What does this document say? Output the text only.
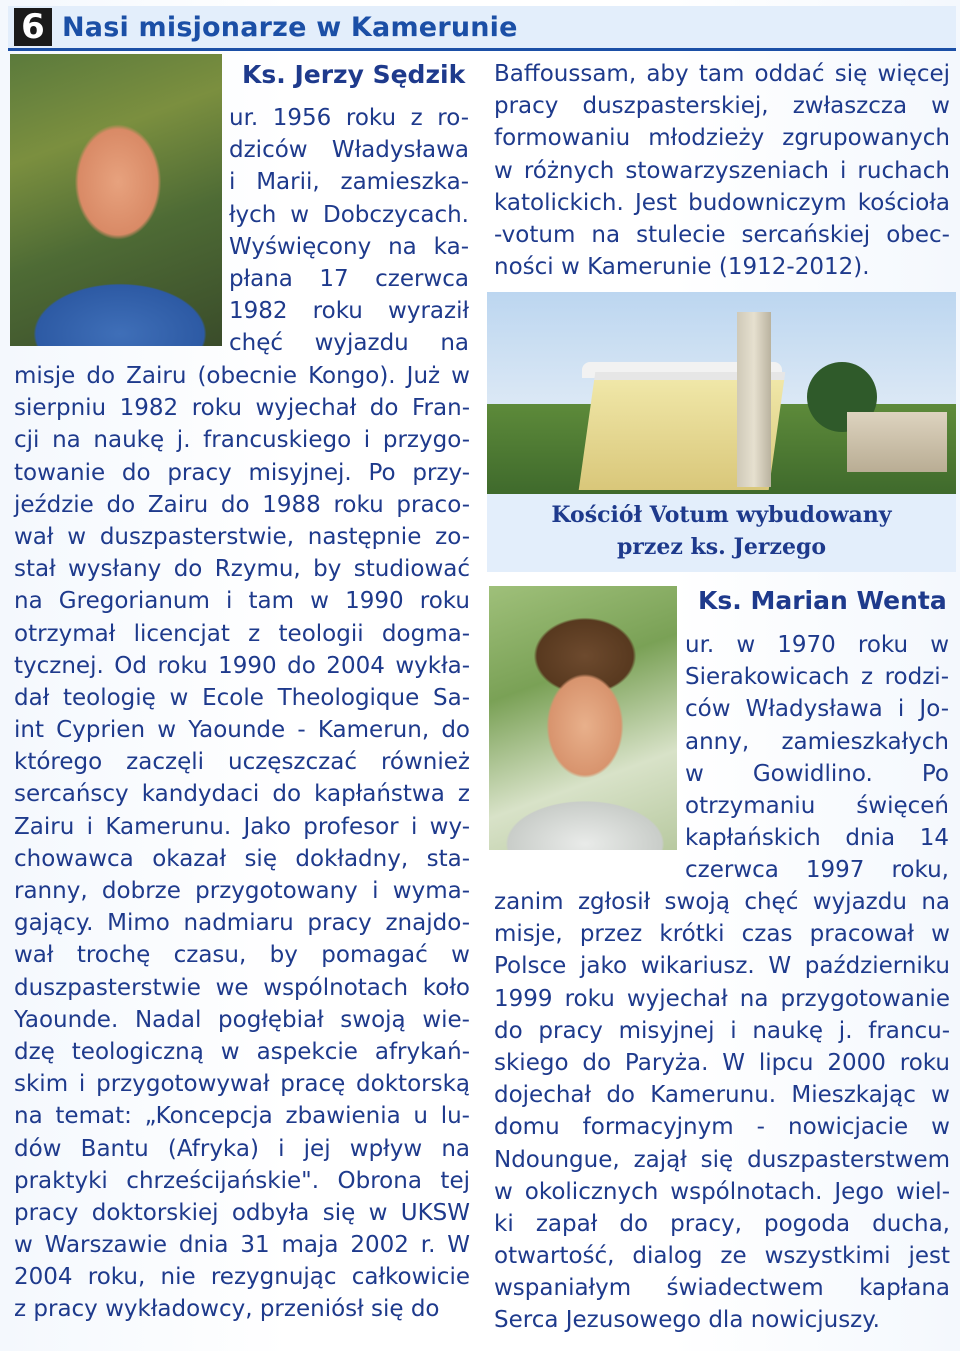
6 Nasi misjonarze w Kamerunie
Ks. Jerzy Sędzik
ur. 1956 roku z ro-
dziców Władysława
i Marii, zamieszka-
łych w Dobczycach.
Wyświęcony na ka-
płana 17 czerwca
1982 roku wyraził
chęć wyjazdu na
misje do Zairu (obecnie Kongo). Już w
sierpniu 1982 roku wyjechał do Fran-
cji na naukę j. francuskiego i przygo-
towanie do pracy misyjnej. Po przy-
jeździe do Zairu do 1988 roku praco-
wał w duszpasterstwie, następnie zo-
stał wysłany do Rzymu, by studiować
na Gregorianum i tam w 1990 roku
otrzymał licencjat z teologii dogma-
tycznej. Od roku 1990 do 2004 wykła-
dał teologię w Ecole Theologique Sa-
int Cyprien w Yaounde - Kamerun, do
którego zaczęli uczęszczać również
sercańscy kandydaci do kapłaństwa z
Zairu i Kamerunu. Jako profesor i wy-
chowawca okazał się dokładny, sta-
ranny, dobrze przygotowany i wyma-
gający. Mimo nadmiaru pracy znajdo-
wał trochę czasu, by pomagać w
duszpasterstwie we wspólnotach koło
Yaounde. Nadal pogłębiał swoją wie-
dzę teologiczną w aspekcie afrykań-
skim i przygotowywał pracę doktorską
na temat: „Koncepcja zbawienia u lu-
dów Bantu (Afryka) i jej wpływ na
praktyki chrześcijańskie". Obrona tej
pracy doktorskiej odbyła się w UKSW
w Warszawie dnia 31 maja 2002 r. W
2004 roku, nie rezygnując całkowicie
z pracy wykładowcy, przeniósł się do
Baffoussam, aby tam oddać się więcej
pracy duszpasterskiej, zwłaszcza w
formowaniu młodzieży zgrupowanych
w różnych stowarzyszeniach i ruchach
katolickich. Jest budowniczym kościoła
-votum na stulecie sercańskiej obec-
ności w Kamerunie (1912-2012).
Kościół Votum wybudowany
przez ks. Jerzego
Ks. Marian Wenta
ur. w 1970 roku w
Sierakowicach z rodzi-
ców Władysława i Jo-
anny, zamieszkałych
w Gowidlino. Po
otrzymaniu święceń
kapłańskich dnia 14
czerwca 1997 roku,
zanim zgłosił swoją chęć wyjazdu na
misje, przez krótki czas pracował w
Polsce jako wikariusz. W październiku
1999 roku wyjechał na przygotowanie
do pracy misyjnej i naukę j. francu-
skiego do Paryża. W lipcu 2000 roku
dojechał do Kamerunu. Mieszkając w
domu formacyjnym - nowicjacie w
Ndoungue, zajął się duszpasterstwem
w okolicznych wspólnotach. Jego wiel-
ki zapał do pracy, pogoda ducha,
otwartość, dialog ze wszystkimi jest
wspaniałym świadectwem kapłana
Serca Jezusowego dla nowicjuszy.
